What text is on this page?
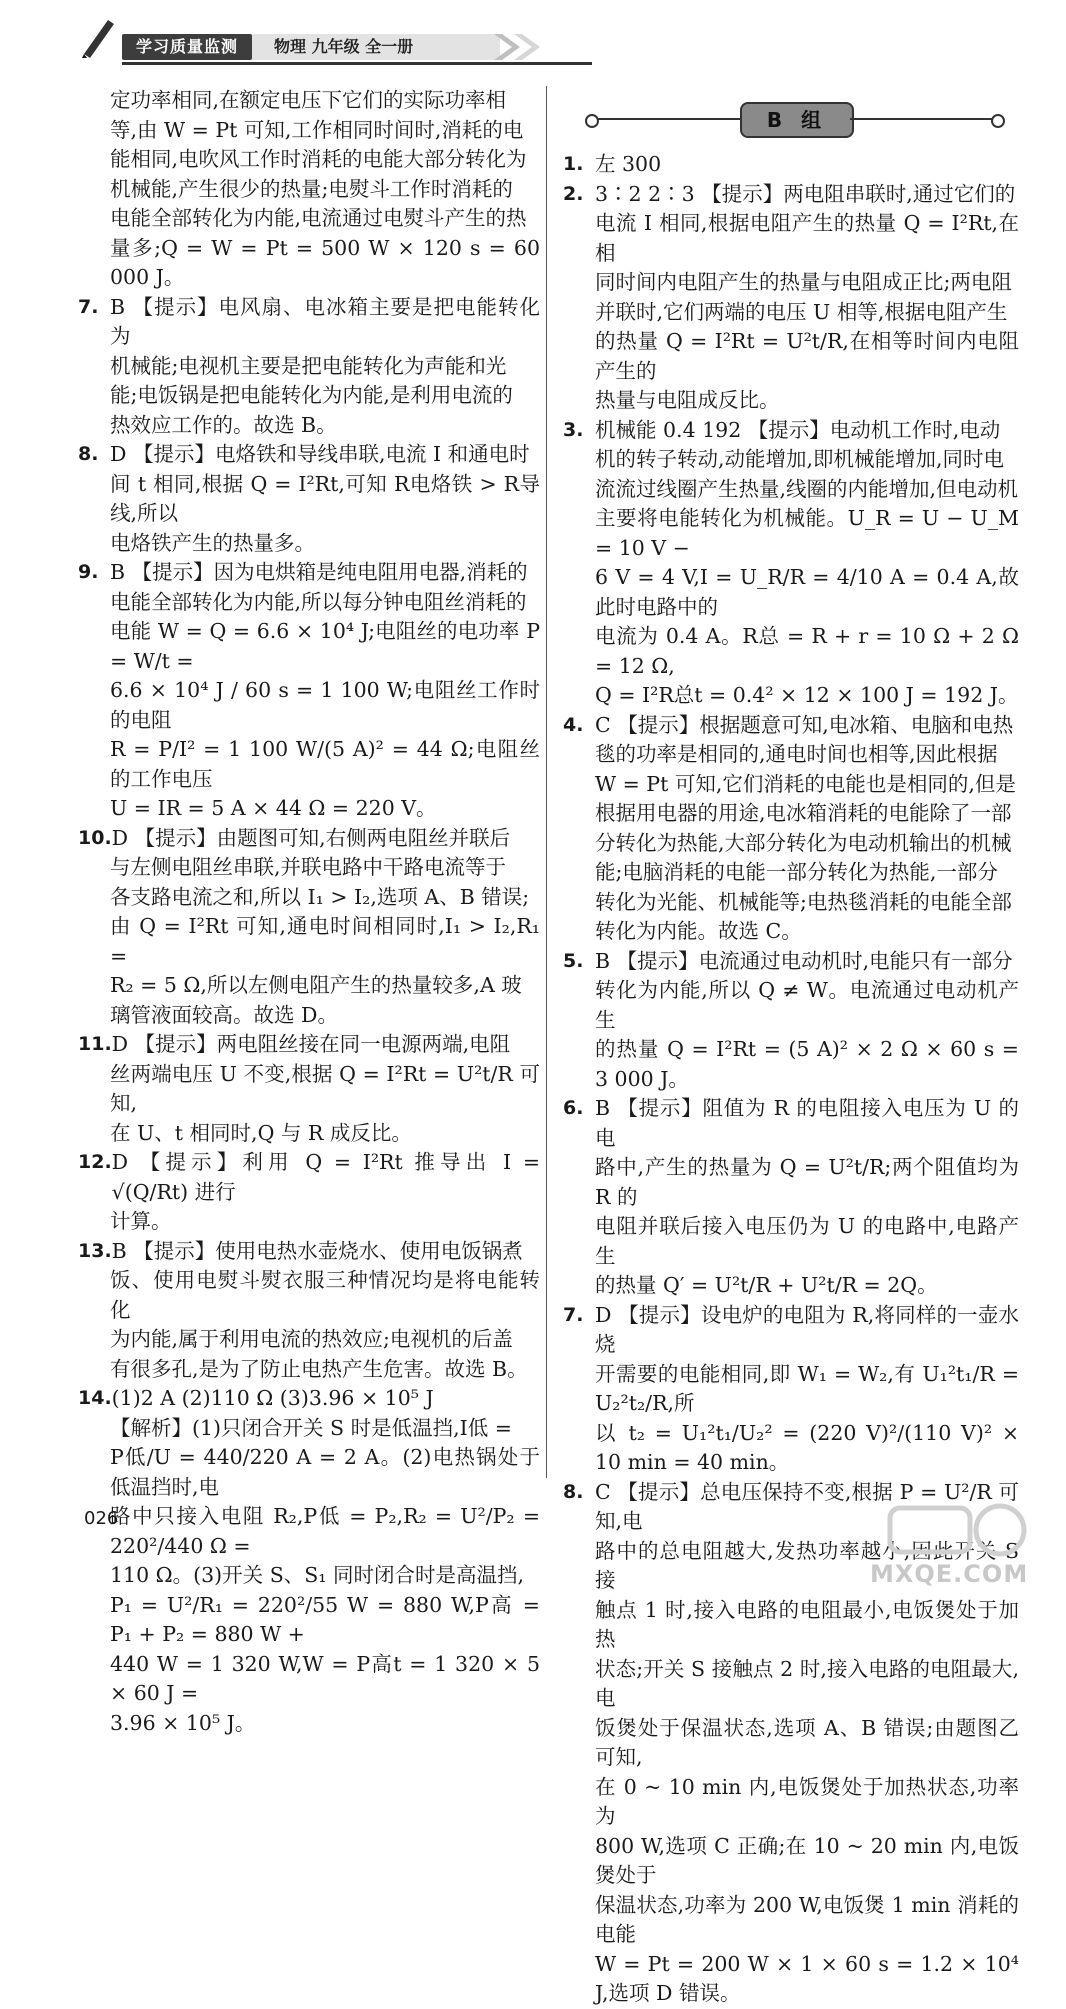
学习质量监测	物理 九年级 全一册
定功率相同,在额定电压下它们的实际功率相
等,由 W = Pt 可知,工作相同时间时,消耗的电
能相同,电吹风工作时消耗的电能大部分转化为
机械能,产生很少的热量;电熨斗工作时消耗的
电能全部转化为内能,电流通过电熨斗产生的热
量多;Q = W = Pt = 500 W × 120 s = 60 000 J。
7. B 【提示】电风扇、电冰箱主要是把电能转化为
机械能;电视机主要是把电能转化为声能和光
能;电饭锅是把电能转化为内能,是利用电流的
热效应工作的。故选 B。
8. D 【提示】电烙铁和导线串联,电流 I 和通电时
间 t 相同,根据 Q = I²Rt,可知 R电烙铁 > R导线,所以
电烙铁产生的热量多。
9. B 【提示】因为电烘箱是纯电阻用电器,消耗的
电能全部转化为内能,所以每分钟电阻丝消耗的
电能 W = Q = 6.6 × 10⁴ J;电阻丝的电功率 P = W/t =
6.6 × 10⁴ J / 60 s = 1 100 W;电阻丝工作时的电阻
R = P/I² = 1 100 W/(5 A)² = 44 Ω;电阻丝的工作电压
U = IR = 5 A × 44 Ω = 220 V。
10. D 【提示】由题图可知,右侧两电阻丝并联后
与左侧电阻丝串联,并联电路中干路电流等于
各支路电流之和,所以 I₁ > I₂,选项 A、B 错误;
由 Q = I²Rt 可知,通电时间相同时,I₁ > I₂,R₁ =
R₂ = 5 Ω,所以左侧电阻产生的热量较多,A 玻
璃管液面较高。故选 D。
11. D 【提示】两电阻丝接在同一电源两端,电阻
丝两端电压 U 不变,根据 Q = I²Rt = U²t/R 可知,
在 U、t 相同时,Q 与 R 成反比。
12. D 【提示】利用 Q = I²Rt 推导出 I = √(Q/Rt) 进行
计算。
13. B 【提示】使用电热水壶烧水、使用电饭锅煮
饭、使用电熨斗熨衣服三种情况均是将电能转化
为内能,属于利用电流的热效应;电视机的后盖
有很多孔,是为了防止电热产生危害。故选 B。
14. (1)2 A (2)110 Ω (3)3.96 × 10⁵ J
【解析】(1)只闭合开关 S 时是低温挡,I低 =
P低/U = 440/220 A = 2 A。(2)电热锅处于低温挡时,电
路中只接入电阻 R₂,P低 = P₂,R₂ = U²/P₂ = 220²/440 Ω =
110 Ω。(3)开关 S、S₁ 同时闭合时是高温挡,
P₁ = U²/R₁ = 220²/55 W = 880 W,P高 = P₁ + P₂ = 880 W +
440 W = 1 320 W,W = P高t = 1 320 × 5 × 60 J =
3.96 × 10⁵ J。
B 组
1. 左 300
2. 3∶2 2∶3 【提示】两电阻串联时,通过它们的
电流 I 相同,根据电阻产生的热量 Q = I²Rt,在相
同时间内电阻产生的热量与电阻成正比;两电阻
并联时,它们两端的电压 U 相等,根据电阻产生
的热量 Q = I²Rt = U²t/R,在相等时间内电阻产生的
热量与电阻成反比。
3. 机械能 0.4 192 【提示】电动机工作时,电动
机的转子转动,动能增加,即机械能增加,同时电
流流过线圈产生热量,线圈的内能增加,但电动机
主要将电能转化为机械能。U_R = U − U_M = 10 V −
6 V = 4 V,I = U_R/R = 4/10 A = 0.4 A,故此时电路中的
电流为 0.4 A。R总 = R + r = 10 Ω + 2 Ω = 12 Ω,
Q = I²R总t = 0.4² × 12 × 100 J = 192 J。
4. C 【提示】根据题意可知,电冰箱、电脑和电热
毯的功率是相同的,通电时间也相等,因此根据
W = Pt 可知,它们消耗的电能也是相同的,但是
根据用电器的用途,电冰箱消耗的电能除了一部
分转化为热能,大部分转化为电动机输出的机械
能;电脑消耗的电能一部分转化为热能,一部分
转化为光能、机械能等;电热毯消耗的电能全部
转化为内能。故选 C。
5. B 【提示】电流通过电动机时,电能只有一部分
转化为内能,所以 Q ≠ W。电流通过电动机产生
的热量 Q = I²Rt = (5 A)² × 2 Ω × 60 s = 3 000 J。
6. B 【提示】阻值为 R 的电阻接入电压为 U 的电
路中,产生的热量为 Q = U²t/R;两个阻值均为 R 的
电阻并联后接入电压仍为 U 的电路中,电路产生
的热量 Q′ = U²t/R + U²t/R = 2Q。
7. D 【提示】设电炉的电阻为 R,将同样的一壶水烧
开需要的电能相同,即 W₁ = W₂,有 U₁²t₁/R = U₂²t₂/R,所
以 t₂ = U₁²t₁/U₂² = (220 V)²/(110 V)² × 10 min = 40 min。
8. C 【提示】总电压保持不变,根据 P = U²/R 可知,电
路中的总电阻越大,发热功率越小,因此开关 S 接
触点 1 时,接入电路的电阻最小,电饭煲处于加热
状态;开关 S 接触点 2 时,接入电路的电阻最大,电
饭煲处于保温状态,选项 A、B 错误;由题图乙可知,
在 0 ~ 10 min 内,电饭煲处于加热状态,功率为
800 W,选项 C 正确;在 10 ~ 20 min 内,电饭煲处于
保温状态,功率为 200 W,电饭煲 1 min 消耗的电能
W = Pt = 200 W × 1 × 60 s = 1.2 × 10⁴ J,选项 D 错误。
026
MXQE.COM
